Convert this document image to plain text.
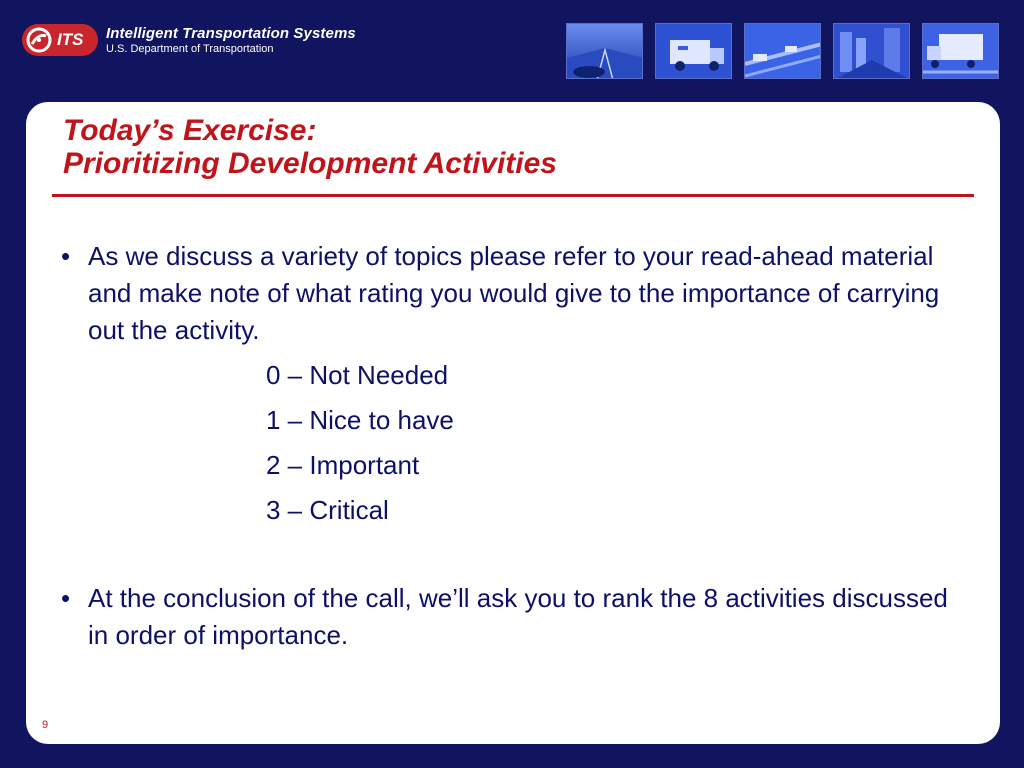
ITS Intelligent Transportation Systems
U.S. Department of Transportation
Today’s Exercise:
Prioritizing Development Activities
• As we discuss a variety of topics please refer to your read-ahead material and make note of what rating you would give to the importance of carrying out the activity.
0 – Not Needed
1 – Nice to have
2 – Important
3 – Critical
• At the conclusion of the call, we’ll ask you to rank the 8 activities discussed in order of importance.
9
